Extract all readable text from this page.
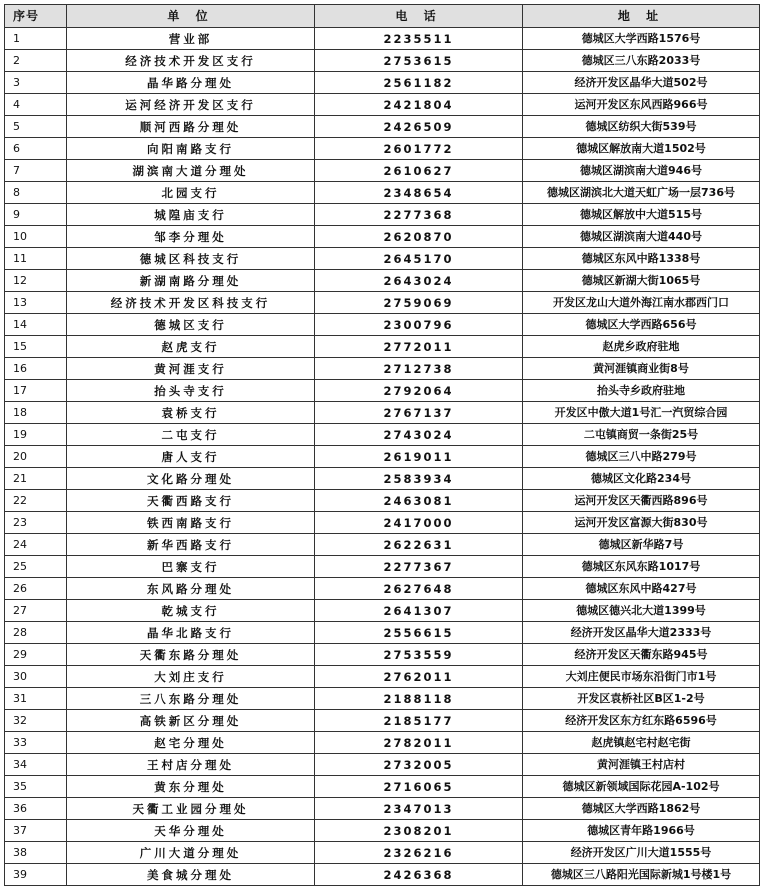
序号	单 位	电 话	地 址
1	营业部	2235511	德城区大学西路1576号
2	经济技术开发区支行	2753615	德城区三八东路2033号
3	晶华路分理处	2561182	经济开发区晶华大道502号
4	运河经济开发区支行	2421804	运河开发区东风西路966号
5	顺河西路分理处	2426509	德城区纺织大街539号
6	向阳南路支行	2601772	德城区解放南大道1502号
7	湖滨南大道分理处	2610627	德城区湖滨南大道946号
8	北园支行	2348654	德城区湖滨北大道天虹广场一层736号
9	城隍庙支行	2277368	德城区解放中大道515号
10	邹李分理处	2620870	德城区湖滨南大道440号
11	德城区科技支行	2645170	德城区东风中路1338号
12	新湖南路分理处	2643024	德城区新湖大街1065号
13	经济技术开发区科技支行	2759069	开发区龙山大道外海江南水郡西门口
14	德城区支行	2300796	德城区大学西路656号
15	赵虎支行	2772011	赵虎乡政府驻地
16	黄河涯支行	2712738	黄河涯镇商业街8号
17	抬头寺支行	2792064	抬头寺乡政府驻地
18	袁桥支行	2767137	开发区中傲大道1号汇一汽贸综合园
19	二屯支行	2743024	二屯镇商贸一条街25号
20	唐人支行	2619011	德城区三八中路279号
21	文化路分理处	2583934	德城区文化路234号
22	天衢西路支行	2463081	运河开发区天衢西路896号
23	铁西南路支行	2417000	运河开发区富源大街830号
24	新华西路支行	2622631	德城区新华路7号
25	巴寨支行	2277367	德城区东风东路1017号
26	东风路分理处	2627648	德城区东风中路427号
27	乾城支行	2641307	德城区德兴北大道1399号
28	晶华北路支行	2556615	经济开发区晶华大道2333号
29	天衢东路分理处	2753559	经济开发区天衢东路945号
30	大刘庄支行	2762011	大刘庄便民市场东沿街门市1号
31	三八东路分理处	2188118	开发区袁桥社区B区1-2号
32	高铁新区分理处	2185177	经济开发区东方红东路6596号
33	赵宅分理处	2782011	赵虎镇赵宅村赵宅街
34	王村店分理处	2732005	黄河涯镇王村店村
35	黄东分理处	2716065	德城区新领域国际花园A-102号
36	天衢工业园分理处	2347013	德城区大学西路1862号
37	天华分理处	2308201	德城区青年路1966号
38	广川大道分理处	2326216	经济开发区广川大道1555号
39	美食城分理处	2426368	德城区三八路阳光国际新城1号楼1号
